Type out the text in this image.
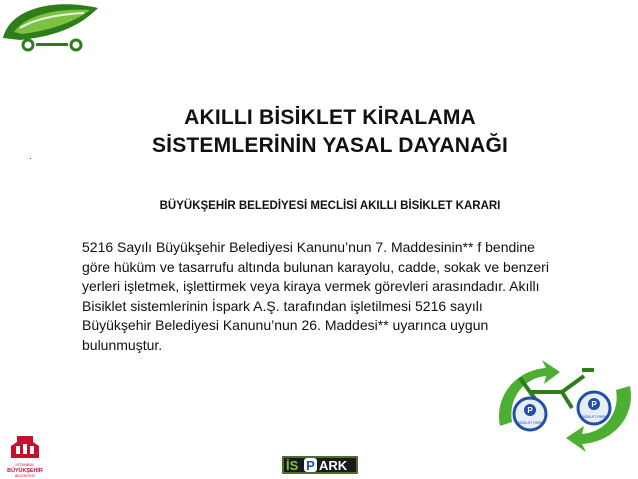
·
AKILLI BİSİKLET KİRALAMA
SİSTEMLERİNİN YASAL DAYANAĞI
BÜYÜKŞEHİR BELEDİYESİ MECLİSİ AKILLI BİSİKLET KARARI
5216 Sayılı Büyükşehir Belediyesi Kanunu’nun 7. Maddesinin** f bendine
göre hüküm ve tasarrufu altında bulunan karayolu, cadde, sokak ve benzeri
yerleri işletmek, işlettirmek veya kiraya vermek görevleri arasındadır. Akıllı
Bisiklet sistemlerinin İspark A.Ş. tarafından işletilmesi 5216 sayılı
Büyükşehir Belediyesi Kanunu’nun 26. Maddesi** uyarınca uygun
bulunmuştur.
P
BİSİKLET PARK
P
BİSİKLET PARK
İSTANBUL
BÜYÜKŞEHİR
BELEDİYESİ
İS P ARK
